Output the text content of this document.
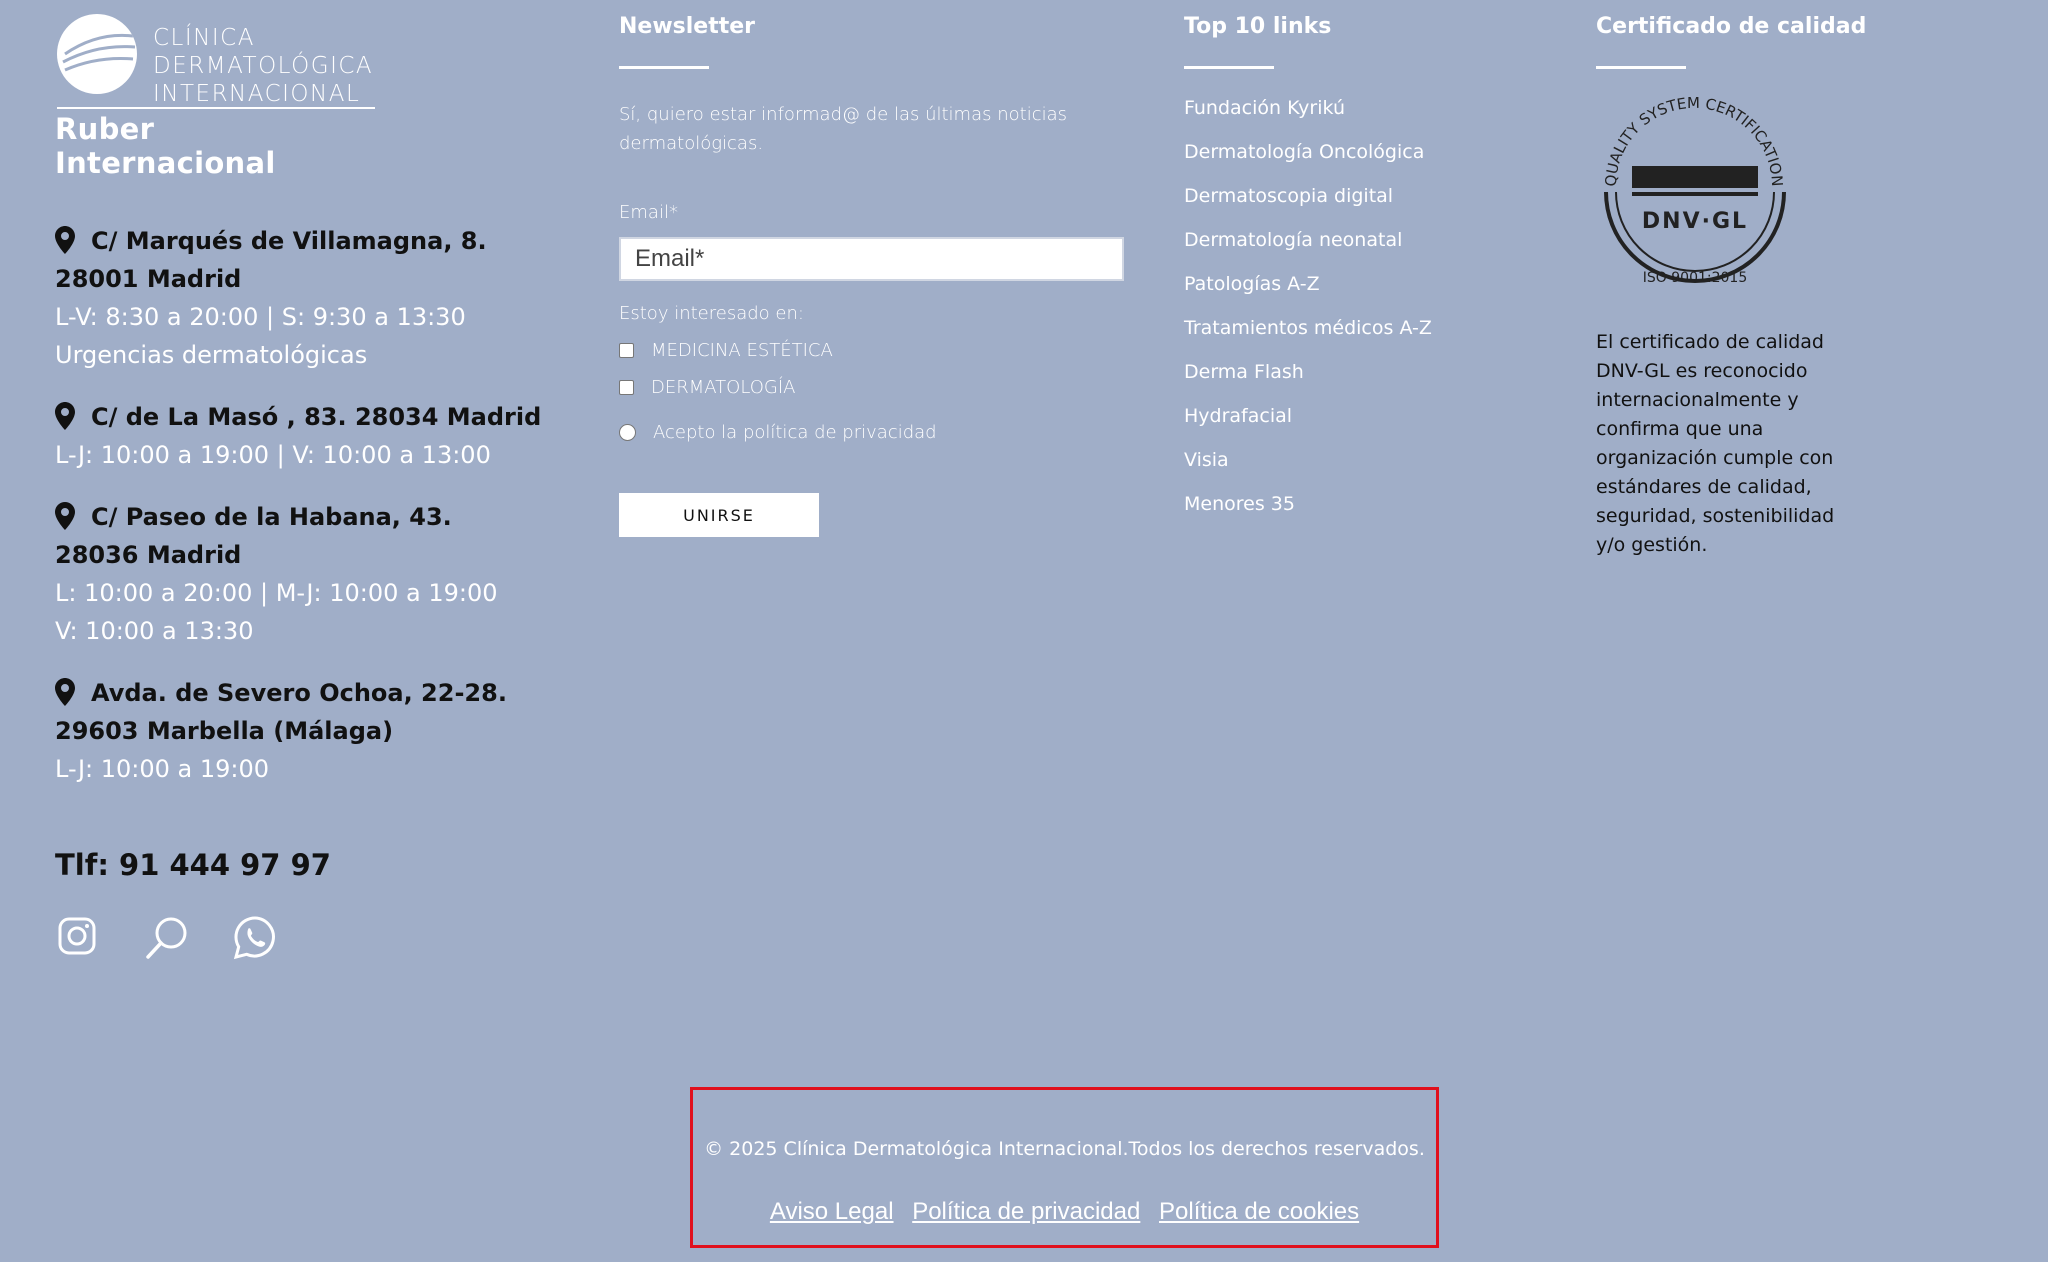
CLÍNICA
DERMATOLÓGICA
INTERNACIONAL
Ruber Internacional
C/ Marqués de Villamagna, 8. 28001 Madrid
L-V: 8:30 a 20:00 | S: 9:30 a 13:30
Urgencias dermatológicas
C/ de La Masó , 83. 28034 Madrid
L-J: 10:00 a 19:00 | V: 10:00 a 13:00
C/ Paseo de la Habana, 43. 28036 Madrid
L: 10:00 a 20:00 | M-J: 10:00 a 19:00
V: 10:00 a 13:30
Avda. de Severo Ochoa, 22-28. 29603 Marbella (Málaga)
L-J: 10:00 a 19:00
Tlf: 91 444 97 97
Newsletter
Sí, quiero estar informad@ de las últimas noticias dermatológicas.
Email*
Email*
Estoy interesado en:
MEDICINA ESTÉTICA
DERMATOLOGÍA
Acepto la política de privacidad
UNIRSE
Top 10 links
Fundación Kyrikú
Dermatología Oncológica
Dermatoscopia digital
Dermatología neonatal
Patologías A-Z
Tratamientos médicos A-Z
Derma Flash
Hydrafacial
Visia
Menores 35
Certificado de calidad
QUALITY SYSTEM CERTIFICATION
DNV·GL
ISO 9001:2015
El certificado de calidad DNV-GL es reconocido internacionalmente y confirma que una organización cumple con estándares de calidad, seguridad, sostenibilidad y/o gestión.
© 2025 Clínica Dermatológica Internacional.Todos los derechos reservados.
Aviso Legal Política de privacidad Política de cookies
